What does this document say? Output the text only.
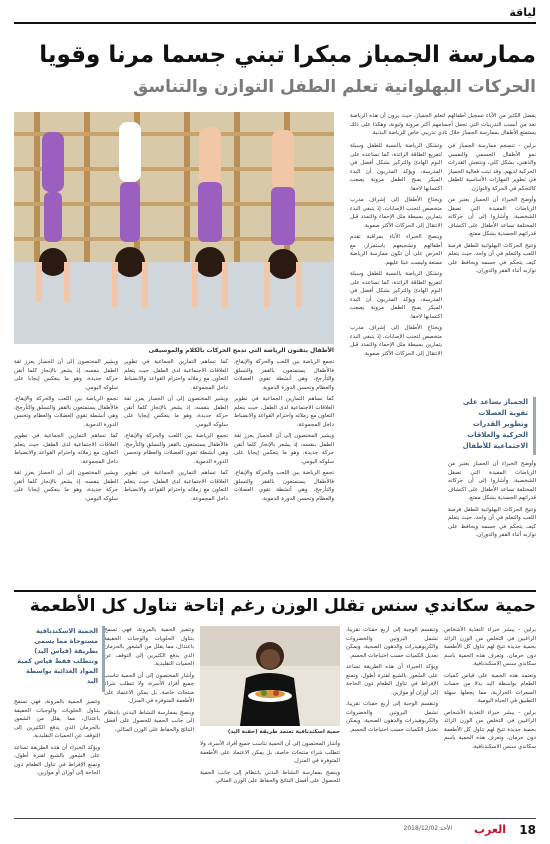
لياقة
ممارسة الجمباز مبكرا تبني جسما مرنا وقويا
الحركات البهلوانية تعلم الطفل التوازن والتناسق

يفضل الكثير من الآباء تسجيل أطفالهم لتعلم الجمباز، حيث يرون أن هذه الرياضة تعد من أنسب التدريبات التي تجعل أجسامهم أكثر مرونة وليونة، وهكذا على ذلك يستمتع الأطفال بممارسة الجمباز خلال نادي تدريبي خاص للرياضة البدنية.

برلين - تنسجم ممارسة الجمباز في نمو الأطفال الجسمي والنفسي والذهني، بشكل كلي، وتنتعش القدرات الحركية لديهم، وقد ثبتت فعالية الجمباز في تطوير المهارات الأساسية للطفل كالتحكم في الحركة والتوازن.

وأوضح الخبراء أن الجمباز يعتبر من الرياضات المفيدة التي تصقل الشخصية، وأشاروا إلى أن حركاته المختلفة تساعد الأطفال على اكتشاف قدراتهم الجسدية بشكل ممتع.

وتتيح الحركات البهلوانية للطفل فرصة اللعب والتعلم في آن واحد، حيث يتعلم كيف يتحكم في جسمه ويحافظ على توازنه أثناء القفز والدوران.

وتشكل الرياضة بالنسبة للطفل وسيلة لتفريغ الطاقة الزائدة، كما تساعده على النوم الهادئ والتركيز بشكل أفضل في المدرسة، ويؤكد المدربون أن البدء المبكر يمنح الطفل مرونة يصعب اكتسابها لاحقا.

ويحتاج الأطفال إلى إشراف مدرب متخصص لتجنب الإصابات، إذ ينبغي البدء بتمارين بسيطة مثل الإحماء والتمدد قبل الانتقال إلى الحركات الأكثر صعوبة.

وينصح الخبراء الآباء بمراقبة تقدم أطفالهم وتشجيعهم باستمرار، مع الحرص على أن تكون ممارسة الرياضة ممتعة وليست عبئا عليهم.

وتشكل الرياضة بالنسبة للطفل وسيلة لتفريغ الطاقة الزائدة، كما تساعده على النوم الهادئ والتركيز بشكل أفضل في المدرسة، ويؤكد المدربون أن البدء المبكر يمنح الطفل مرونة يصعب اكتسابها لاحقا.

ويحتاج الأطفال إلى إشراف مدرب متخصص لتجنب الإصابات، إذ ينبغي البدء بتمارين بسيطة مثل الإحماء والتمدد قبل الانتقال إلى الحركات الأكثر صعوبة.

الجمباز يساعد على تقوية العضلات وتطوير القدرات الحركية والعلاقات الاجتماعية للأطفال

وأوضح الخبراء أن الجمباز يعتبر من الرياضات المفيدة التي تصقل الشخصية، وأشاروا إلى أن حركاته المختلفة تساعد الأطفال على اكتشاف قدراتهم الجسدية بشكل ممتع.

وتتيح الحركات البهلوانية للطفل فرصة اللعب والتعلم في آن واحد، حيث يتعلم كيف يتحكم في جسمه ويحافظ على توازنه أثناء القفز والدوران.

الأطفال يتقنون الرياضة التي تدمج الحركات بالكلام والموسيقى

تجمع الرياضة بين اللعب والحركة والإيقاع، فالأطفال يستمتعون بالقفز والتسلق والتأرجح، وهي أنشطة تقوي العضلات والعظام وتحسن الدورة الدموية.

كما تساهم التمارين الجماعية في تطوير العلاقات الاجتماعية لدى الطفل، حيث يتعلم التعاون مع زملائه واحترام القواعد والانضباط داخل المجموعة.

ويشير المختصون إلى أن الجمباز يعزز ثقة الطفل بنفسه، إذ يشعر بالإنجاز كلما أتقن حركة جديدة، وهو ما ينعكس إيجابا على سلوكه اليومي.

تجمع الرياضة بين اللعب والحركة والإيقاع، فالأطفال يستمتعون بالقفز والتسلق والتأرجح، وهي أنشطة تقوي العضلات والعظام وتحسن الدورة الدموية.

كما تساهم التمارين الجماعية في تطوير العلاقات الاجتماعية لدى الطفل، حيث يتعلم التعاون مع زملائه واحترام القواعد والانضباط داخل المجموعة.

ويشير المختصون إلى أن الجمباز يعزز ثقة الطفل بنفسه، إذ يشعر بالإنجاز كلما أتقن حركة جديدة، وهو ما ينعكس إيجابا على سلوكه اليومي.

تجمع الرياضة بين اللعب والحركة والإيقاع، فالأطفال يستمتعون بالقفز والتسلق والتأرجح، وهي أنشطة تقوي العضلات والعظام وتحسن الدورة الدموية.

كما تساهم التمارين الجماعية في تطوير العلاقات الاجتماعية لدى الطفل، حيث يتعلم التعاون مع زملائه واحترام القواعد والانضباط داخل المجموعة.

ويشير المختصون إلى أن الجمباز يعزز ثقة الطفل بنفسه، إذ يشعر بالإنجاز كلما أتقن حركة جديدة، وهو ما ينعكس إيجابا على سلوكه اليومي.

تجمع الرياضة بين اللعب والحركة والإيقاع، فالأطفال يستمتعون بالقفز والتسلق والتأرجح، وهي أنشطة تقوي العضلات والعظام وتحسن الدورة الدموية.

كما تساهم التمارين الجماعية في تطوير العلاقات الاجتماعية لدى الطفل، حيث يتعلم التعاون مع زملائه واحترام القواعد والانضباط داخل المجموعة.

ويشير المختصون إلى أن الجمباز يعزز ثقة الطفل بنفسه، إذ يشعر بالإنجاز كلما أتقن حركة جديدة، وهو ما ينعكس إيجابا على سلوكه اليومي.

حمية سكاندي سنس تقلل الوزن رغم إتاحة تناول كل الأطعمة

برلين - يبشر خبراء التغذية الأشخاص الراغبين في التخلص من الوزن الزائد بحمية جديدة تتيح لهم تناول كل الأطعمة دون حرمان، وتعرف هذه الحمية باسم سكاندي سنس الاسكندنافية.

وتعتمد هذه الحمية على قياس كميات الطعام بواسطة اليد بدلا من حساب السعرات الحرارية، مما يجعلها سهلة التطبيق في الحياة اليومية.

برلين - يبشر خبراء التغذية الأشخاص الراغبين في التخلص من الوزن الزائد بحمية جديدة تتيح لهم تناول كل الأطعمة دون حرمان، وتعرف هذه الحمية باسم سكاندي سنس الاسكندنافية.

وتنقسم الوجبة إلى أربع حفنات تقريبا، تشمل البروتين والخضروات والكربوهيدرات والدهون الصحية، ويمكن تعديل الكميات حسب احتياجات الجسم.

ويؤكد الخبراء أن هذه الطريقة تساعد على الشعور بالشبع لفترة أطول، وتمنع الإفراط في تناول الطعام دون الحاجة إلى أوزان أو موازين.

وتنقسم الوجبة إلى أربع حفنات تقريبا، تشمل البروتين والخضروات والكربوهيدرات والدهون الصحية، ويمكن تعديل الكميات حسب احتياجات الجسم.

حمية اسكندنافية تعتمد طريقة (حفنة اليد)

وأشار المختصون إلى أن الحمية تناسب جميع أفراد الأسرة، ولا تتطلب شراء منتجات خاصة، بل يمكن الاعتماد على الأطعمة المتوفرة في المنزل.

وينصح بممارسة النشاط البدني بانتظام إلى جانب الحمية للحصول على أفضل النتائج والحفاظ على الوزن المثالي.

وتتميز الحمية بالمرونة، فهي تسمح بتناول الحلويات والوجبات الخفيفة باعتدال، مما يقلل من الشعور بالحرمان الذي يدفع الكثيرين إلى التوقف عن الحميات التقليدية.

وأشار المختصون إلى أن الحمية تناسب جميع أفراد الأسرة، ولا تتطلب شراء منتجات خاصة، بل يمكن الاعتماد على الأطعمة المتوفرة في المنزل.

وينصح بممارسة النشاط البدني بانتظام إلى جانب الحمية للحصول على أفضل النتائج والحفاظ على الوزن المثالي.

الحمية الاسكندنافية مستوحاة مما يسمى بطريقة (قياس اليد) وتتطلب فقط قياس كمية المواد الغذائية بواسطة اليد

وتتميز الحمية بالمرونة، فهي تسمح بتناول الحلويات والوجبات الخفيفة باعتدال، مما يقلل من الشعور بالحرمان الذي يدفع الكثيرين إلى التوقف عن الحميات التقليدية.

ويؤكد الخبراء أن هذه الطريقة تساعد على الشعور بالشبع لفترة أطول، وتمنع الإفراط في تناول الطعام دون الحاجة إلى أوزان أو موازين.

18
العرب
الأحد 2018/12/02
